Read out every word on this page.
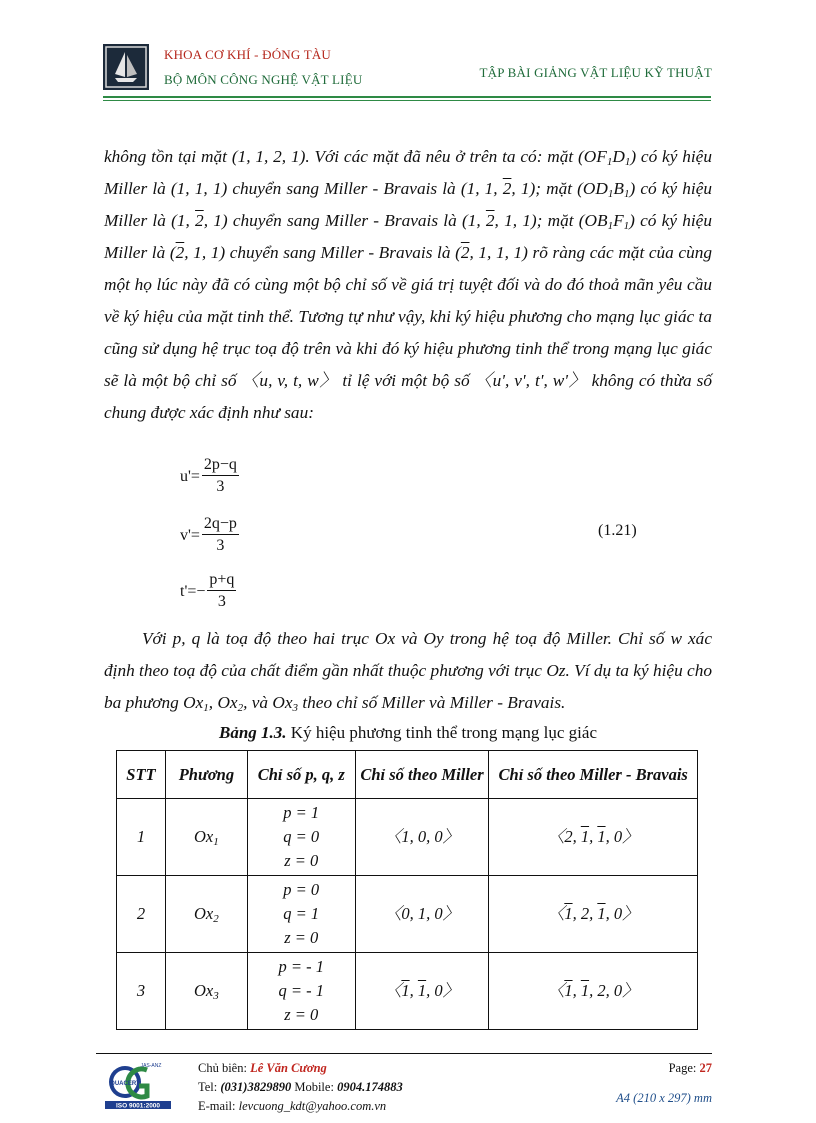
KHOA CƠ KHÍ - ĐÓNG TÀU
BỘ MÔN CÔNG NGHỆ VẬT LIỆU	TẬP BÀI GIẢNG VẬT LIỆU KỸ THUẬT

không tồn tại mặt (1, 1, 2, 1). Với các mặt đã nêu ở trên ta có: mặt $(OF_1D_1)$ có ký hiệu Miller là (1, 1, 1) chuyển sang Miller - Bravais là (1, 1, 2, 1); mặt $(OD_1B_1)$ có ký hiệu Miller là (1, 2, 1) chuyển sang Miller - Bravais là (1, 2, 1, 1); mặt $(OB_1F_1)$ có ký hiệu Miller là (2, 1, 1) chuyển sang Miller - Bravais là (2, 1, 1, 1) rõ ràng các mặt của cùng một họ lúc này đã có cùng một bộ chỉ số về giá trị tuyệt đối và do đó thoả mãn yêu cầu về ký hiệu của mặt tinh thể. Tương tự như vậy, khi ký hiệu phương cho mạng lục giác ta cũng sử dụng hệ trục toạ độ trên và khi đó ký hiệu phương tinh thể trong mạng lục giác sẽ là một bộ chỉ số 〈u, v, t, w〉 tỉ lệ với một bộ số 〈u', v', t', w'〉 không có thừa số chung được xác định như sau:

$u'= \frac{2p-q}{3}$
$v'= \frac{2q-p}{3}$
$t'=- \frac{p+q}{3}$
(1.21)

Với p, q là toạ độ theo hai trục Ox và Oy trong hệ toạ độ Miller. Chỉ số w xác định theo toạ độ của chất điểm gần nhất thuộc phương với trục Oz. Ví dụ ta ký hiệu cho ba phương $Ox_1$, $Ox_2$, và $Ox_3$ theo chỉ số Miller và Miller - Bravais.

Bảng 1.3. Ký hiệu phương tinh thể trong mạng lục giác
STT	Phương	Chỉ số p, q, z	Chỉ số theo Miller	Chỉ số theo Miller - Bravais
1	$Ox_1$	p = 1
q = 0
z = 0	〈1, 0, 0〉	〈2, 1, 1, 0〉
2	$Ox_2$	p = 0
q = 1
z = 0	〈0, 1, 0〉	〈1, 2, 1, 0〉
3	$Ox_3$	p = - 1
q = - 1
z = 0	〈1, 1, 0〉	〈1, 1, 2, 0〉
QUACERT
JAS-ANZ
ISO 9001:2000
Chủ biên: Lê Văn Cương
Tel: (031)3829890 Mobile: 0904.174883
E-mail: levcuong_kdt@yahoo.com.vn
Page: 27
A4 (210 x 297) mm
